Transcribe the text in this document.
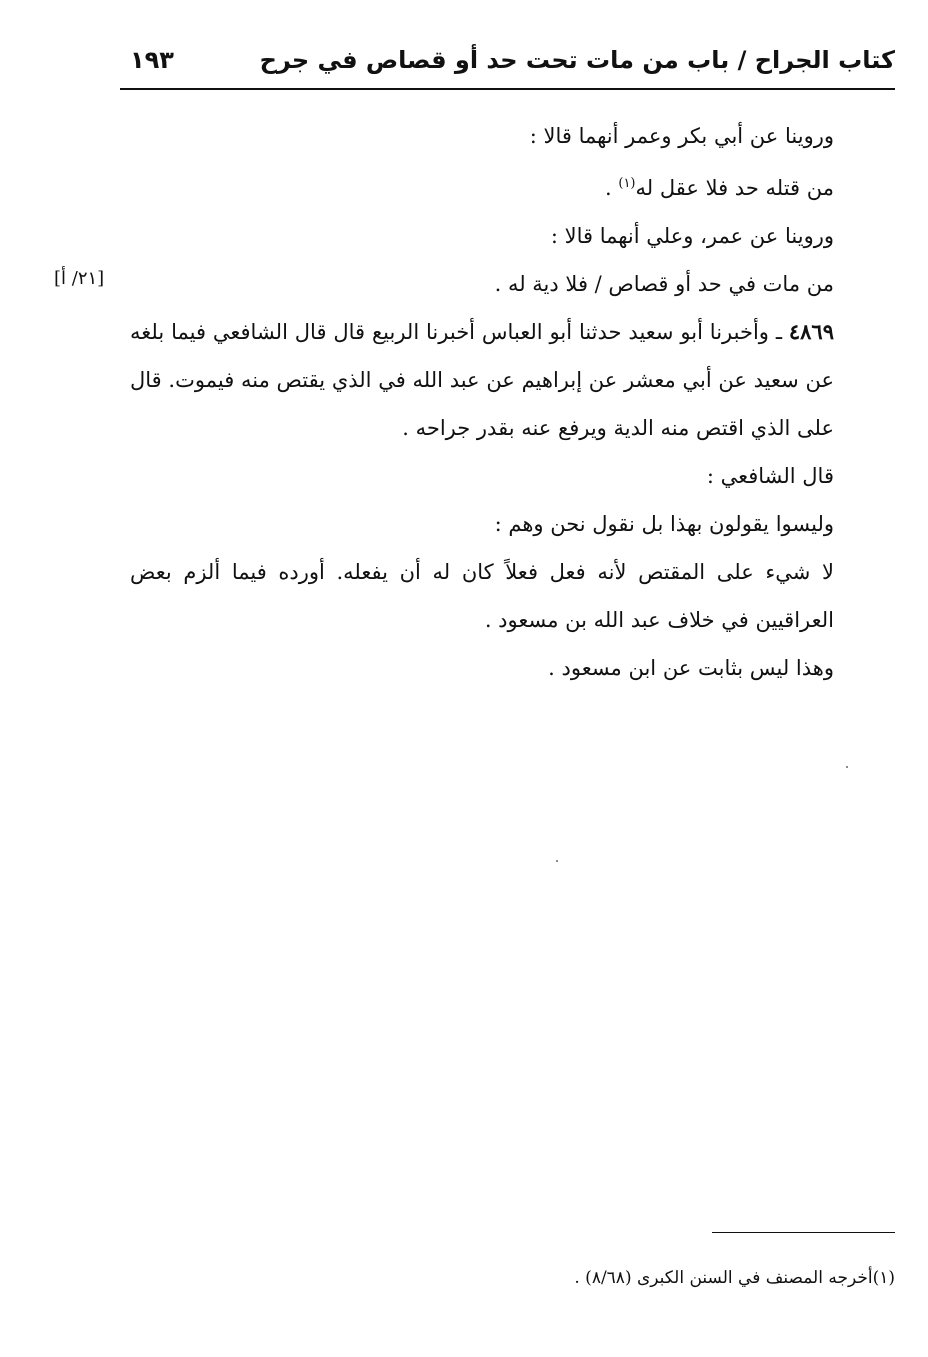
كتاب الجراح / باب من مات تحت حد أو قصاص في جرح
١٩٣
[٢١/ أ]

وروينا عن أبي بكر وعمر أنهما قالا :

من قتله حد فلا عقل له$^{(١)}$ .

وروينا عن عمر، وعلي أنهما قالا :

من مات في حد أو قصاص / فلا دية له .

٤٨٦٩ ـ وأخبرنا أبو سعيد حدثنا أبو العباس أخبرنا الربيع قال قال الشافعي فيما بلغه عن سعيد عن أبي معشر عن إبراهيم عن عبد الله في الذي يقتص منه فيموت. قال على الذي اقتص منه الدية ويرفع عنه بقدر جراحه .

قال الشافعي :

وليسوا يقولون بهذا بل نقول نحن وهم :

لا شيء على المقتص لأنه فعل فعلاً كان له أن يفعله. أورده فيما ألزم بعض العراقيين في خلاف عبد الله بن مسعود .

وهذا ليس بثابت عن ابن مسعود .

(١)أخرجه المصنف في السنن الكبرى (٨/٦٨) .
